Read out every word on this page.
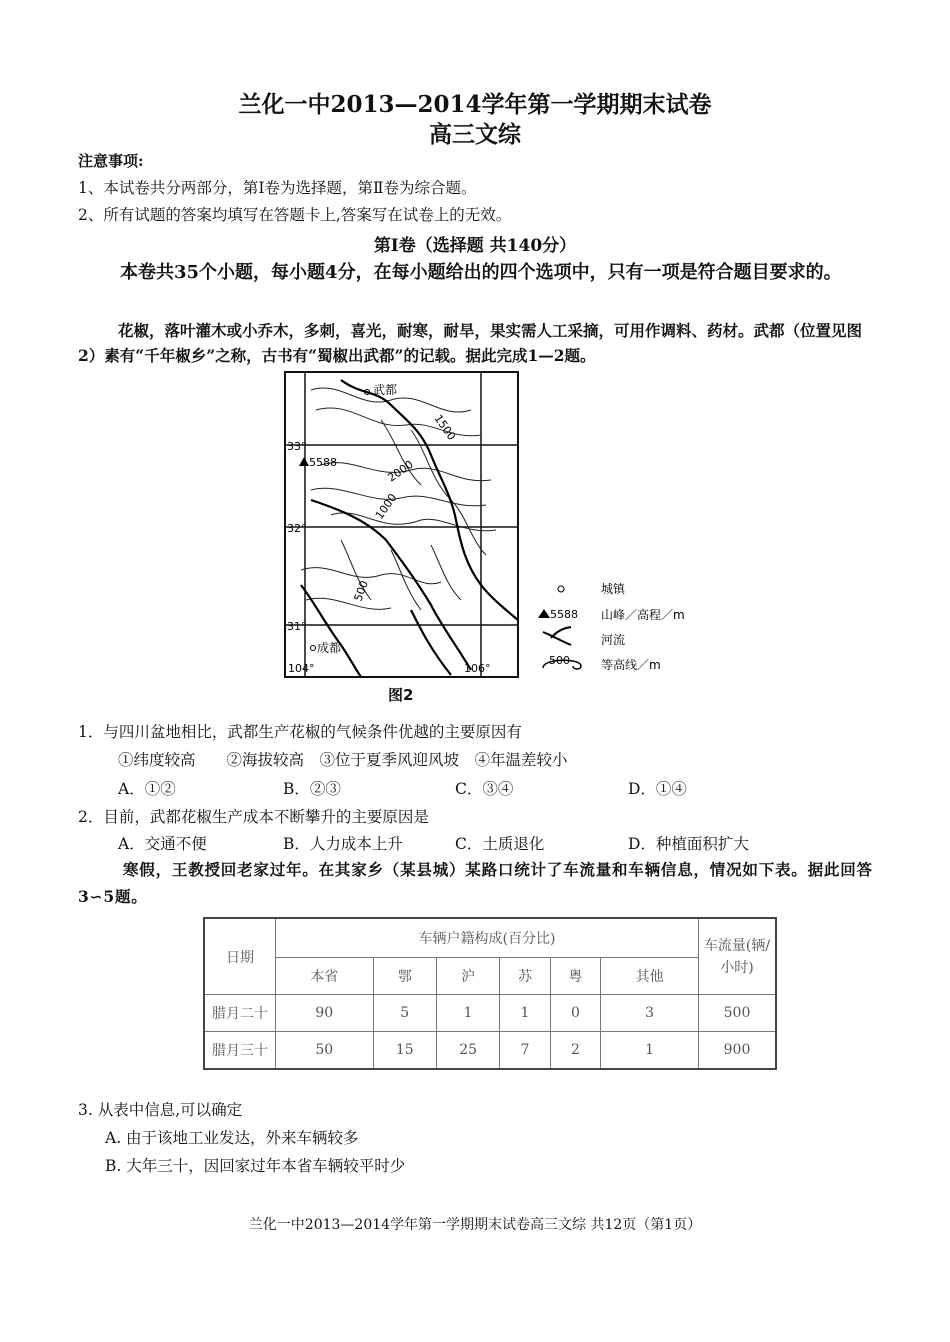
兰化一中2013—2014学年第一学期期末试卷
高三文综
注意事项:
1、本试卷共分两部分，第Ⅰ卷为选择题，第Ⅱ卷为综合题。
2、所有试题的答案均填写在答题卡上,答案写在试卷上的无效。
第Ⅰ卷（选择题 共140分）
本卷共35个小题，每小题4分，在每小题给出的四个选项中，只有一项是符合题目要求的。
花椒，落叶灌木或小乔木，多刺，喜光，耐寒，耐旱，果实需人工采摘，可用作调料、药材。武都（位置见图2）素有“千年椒乡”之称，古书有“蜀椒出武都”的记载。据此完成1—2题。
武都
1500
2000
1000
500
5588
成都
33°
32°
31°
104°	106°
城镇
5588 山峰／高程／m
河流
500	等高线／m
图2
1．与四川盆地相比，武都生产花椒的气候条件优越的主要原因有
①纬度较高　　②海拔较高　③位于夏季风迎风坡　④年温差较小
A．①②	B．②③	C．③④	D．①④
2．目前，武都花椒生产成本不断攀升的主要原因是
A．交通不便	B．人力成本上升	C．土质退化	D．种植面积扩大
寒假，王教授回老家过年。在其家乡（某县城）某路口统计了车流量和车辆信息，情况如下表。据此回答3∽5题。
日期	车辆户籍构成(百分比)						车流量(辆/小时)
	本省	鄂	沪	苏	粤	其他	
腊月二十	90	5	1	1	0	3	500
腊月三十	50	15	25	7	2	1	900
3. 从表中信息,可以确定
A. 由于该地工业发达，外来车辆较多
B. 大年三十，因回家过年本省车辆较平时少
兰化一中2013—2014学年第一学期期末试卷高三文综 共12页（第1页）
